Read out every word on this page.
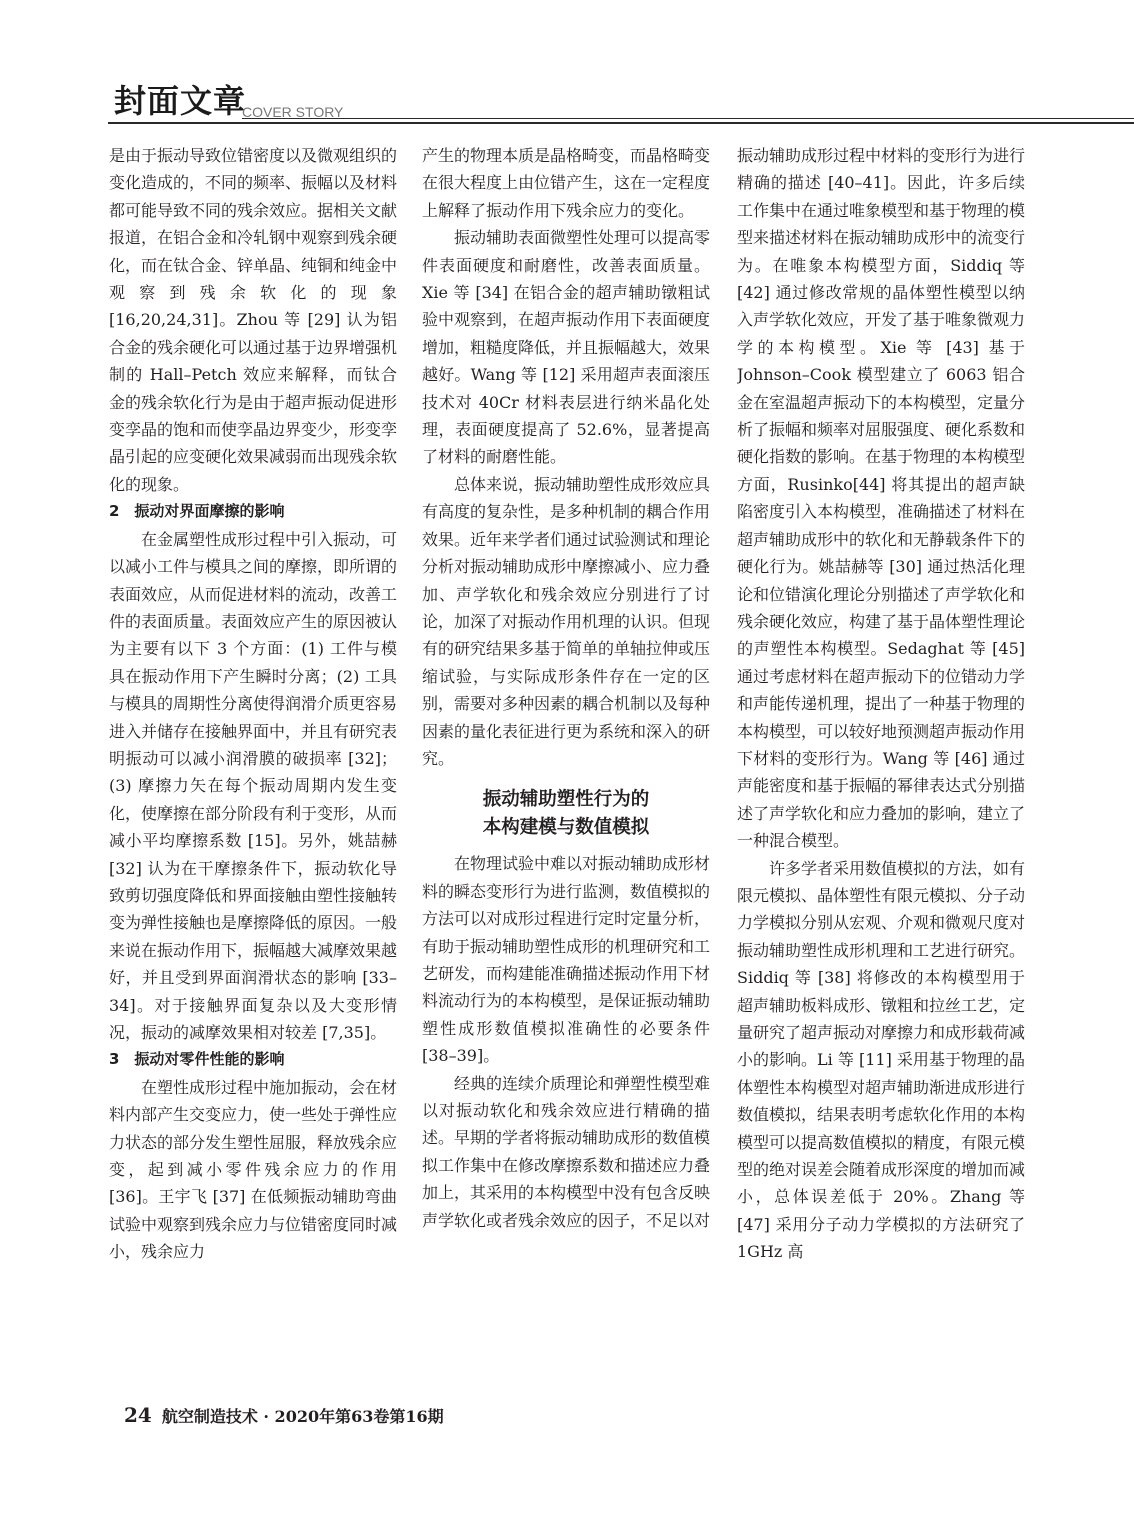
封面文章
COVER STORY

是由于振动导致位错密度以及微观组织的变化造成的，不同的频率、振幅以及材料都可能导致不同的残余效应。据相关文献报道，在铝合金和冷轧钢中观察到残余硬化，而在钛合金、锌单晶、纯铜和纯金中观察到残余软化的现象 [16,20,24,31]。Zhou 等 [29] 认为铝合金的残余硬化可以通过基于边界增强机制的 Hall–Petch 效应来解释，而钛合金的残余软化行为是由于超声振动促进形变孪晶的饱和而使孪晶边界变少，形变孪晶引起的应变硬化效果减弱而出现残余软化的现象。

2　振动对界面摩擦的影响

在金属塑性成形过程中引入振动，可以减小工件与模具之间的摩擦，即所谓的表面效应，从而促进材料的流动，改善工件的表面质量。表面效应产生的原因被认为主要有以下 3 个方面：(1) 工件与模具在振动作用下产生瞬时分离；(2) 工具与模具的周期性分离使得润滑介质更容易进入并储存在接触界面中，并且有研究表明振动可以减小润滑膜的破损率 [32]；(3) 摩擦力矢在每个振动周期内发生变化，使摩擦在部分阶段有利于变形，从而减小平均摩擦系数 [15]。另外，姚喆赫 [32] 认为在干摩擦条件下，振动软化导致剪切强度降低和界面接触由塑性接触转变为弹性接触也是摩擦降低的原因。一般来说在振动作用下，振幅越大减摩效果越好，并且受到界面润滑状态的影响 [33–34]。对于接触界面复杂以及大变形情况，振动的减摩效果相对较差 [7,35]。

3　振动对零件性能的影响

在塑性成形过程中施加振动，会在材料内部产生交变应力，使一些处于弹性应力状态的部分发生塑性屈服，释放残余应变，起到减小零件残余应力的作用 [36]。王宇飞 [37] 在低频振动辅助弯曲试验中观察到残余应力与位错密度同时减小，残余应力

产生的物理本质是晶格畸变，而晶格畸变在很大程度上由位错产生，这在一定程度上解释了振动作用下残余应力的变化。

振动辅助表面微塑性处理可以提高零件表面硬度和耐磨性，改善表面质量。Xie 等 [34] 在铝合金的超声辅助镦粗试验中观察到，在超声振动作用下表面硬度增加，粗糙度降低，并且振幅越大，效果越好。Wang 等 [12] 采用超声表面滚压技术对 40Cr 材料表层进行纳米晶化处理，表面硬度提高了 52.6%，显著提高了材料的耐磨性能。

总体来说，振动辅助塑性成形效应具有高度的复杂性，是多种机制的耦合作用效果。近年来学者们通过试验测试和理论分析对振动辅助成形中摩擦减小、应力叠加、声学软化和残余效应分别进行了讨论，加深了对振动作用机理的认识。但现有的研究结果多基于简单的单轴拉伸或压缩试验，与实际成形条件存在一定的区别，需要对多种因素的耦合机制以及每种因素的量化表征进行更为系统和深入的研究。

振动辅助塑性行为的
本构建模与数值模拟

在物理试验中难以对振动辅助成形材料的瞬态变形行为进行监测，数值模拟的方法可以对成形过程进行定时定量分析，有助于振动辅助塑性成形的机理研究和工艺研发，而构建能准确描述振动作用下材料流动行为的本构模型，是保证振动辅助塑性成形数值模拟准确性的必要条件 [38–39]。

经典的连续介质理论和弹塑性模型难以对振动软化和残余效应进行精确的描述。早期的学者将振动辅助成形的数值模拟工作集中在修改摩擦系数和描述应力叠加上，其采用的本构模型中没有包含反映声学软化或者残余效应的因子，不足以对

振动辅助成形过程中材料的变形行为进行精确的描述 [40–41]。因此，许多后续工作集中在通过唯象模型和基于物理的模型来描述材料在振动辅助成形中的流变行为。在唯象本构模型方面，Siddiq 等 [42] 通过修改常规的晶体塑性模型以纳入声学软化效应，开发了基于唯象微观力学的本构模型。Xie 等 [43] 基于 Johnson–Cook 模型建立了 6063 铝合金在室温超声振动下的本构模型，定量分析了振幅和频率对屈服强度、硬化系数和硬化指数的影响。在基于物理的本构模型方面，Rusinko[44] 将其提出的超声缺陷密度引入本构模型，准确描述了材料在超声辅助成形中的软化和无静载条件下的硬化行为。姚喆赫等 [30] 通过热活化理论和位错演化理论分别描述了声学软化和残余硬化效应，构建了基于晶体塑性理论的声塑性本构模型。Sedaghat 等 [45] 通过考虑材料在超声振动下的位错动力学和声能传递机理，提出了一种基于物理的本构模型，可以较好地预测超声振动作用下材料的变形行为。Wang 等 [46] 通过声能密度和基于振幅的幂律表达式分别描述了声学软化和应力叠加的影响，建立了一种混合模型。

许多学者采用数值模拟的方法，如有限元模拟、晶体塑性有限元模拟、分子动力学模拟分别从宏观、介观和微观尺度对振动辅助塑性成形机理和工艺进行研究。Siddiq 等 [38] 将修改的本构模型用于超声辅助板料成形、镦粗和拉丝工艺，定量研究了超声振动对摩擦力和成形载荷减小的影响。Li 等 [11] 采用基于物理的晶体塑性本构模型对超声辅助渐进成形进行数值模拟，结果表明考虑软化作用的本构模型可以提高数值模拟的精度，有限元模型的绝对误差会随着成形深度的增加而减小，总体误差低于 20%。Zhang 等 [47] 采用分子动力学模拟的方法研究了 1GHz 高

24 航空制造技术 · 2020年第63卷第16期
